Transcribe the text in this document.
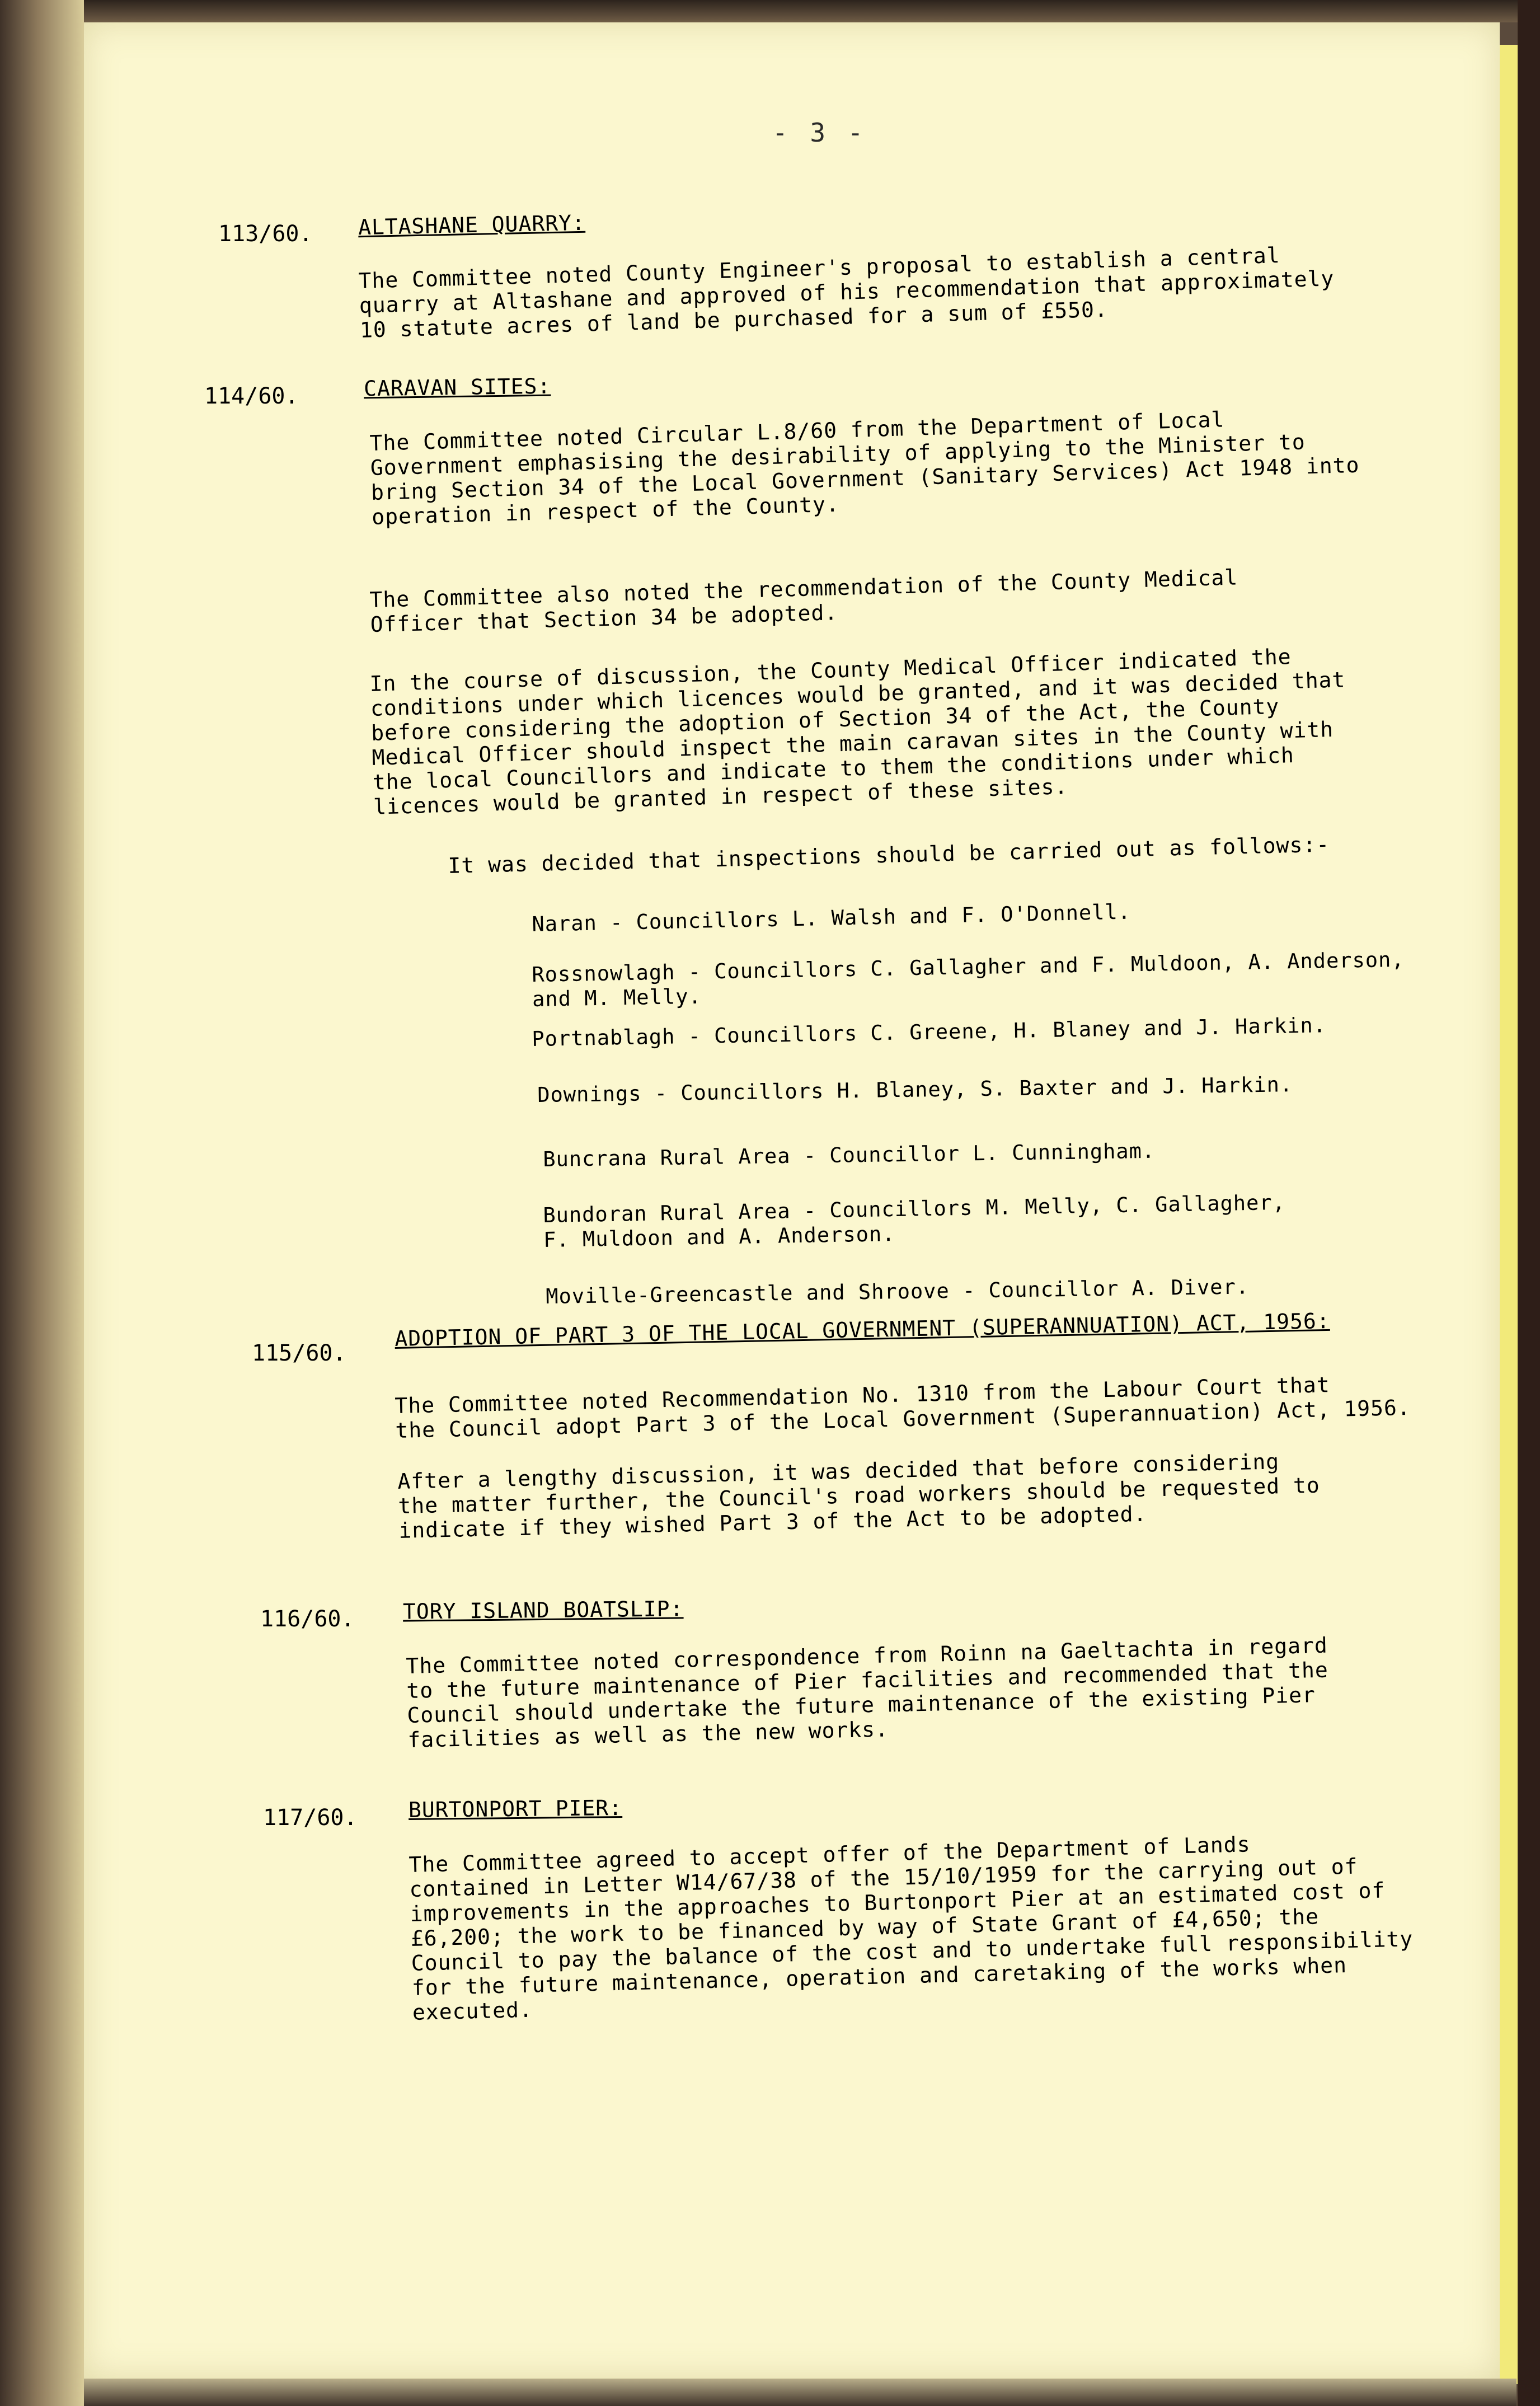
- 3 -
113/60. ALTASHANE QUARRY:
The Committee noted County Engineer's proposal to establish a central
quarry at Altashane and approved of his recommendation that approximately
10 statute acres of land be purchased for a sum of £550.
114/60.	CARAVAN SITES:
The Committee noted Circular L.8/60 from the Department of Local
Government emphasising the desirability of applying to the Minister to
bring Section 34 of the Local Government (Sanitary Services) Act 1948 into
operation in respect of the County.
The Committee also noted the recommendation of the County Medical
Officer that Section 34 be adopted.
In the course of discussion, the County Medical Officer indicated the
conditions under which licences would be granted, and it was decided that
before considering the adoption of Section 34 of the Act, the County
Medical Officer should inspect the main caravan sites in the County with
the local Councillors and indicate to them the conditions under which
licences would be granted in respect of these sites.
It was decided that inspections should be carried out as follows:-
Naran - Councillors L. Walsh and F. O'Donnell.
Rossnowlagh - Councillors C. Gallagher and F. Muldoon, A. Anderson,
and M. Melly.
Portnablagh - Councillors C. Greene, H. Blaney and J. Harkin.
Downings - Councillors H. Blaney, S. Baxter and J. Harkin.
Buncrana Rural Area - Councillor L. Cunningham.
Bundoran Rural Area - Councillors M. Melly, C. Gallagher,
F. Muldoon and A. Anderson.
Moville-Greencastle and Shroove - Councillor A. Diver.
115/60.
ADOPTION OF PART 3 OF THE LOCAL GOVERNMENT (SUPERANNUATION) ACT, 1956:
The Committee noted Recommendation No. 1310 from the Labour Court that
the Council adopt Part 3 of the Local Government (Superannuation) Act, 1956.
After a lengthy discussion, it was decided that before considering
the matter further, the Council's road workers should be requested to
indicate if they wished Part 3 of the Act to be adopted.
116/60. TORY ISLAND BOATSLIP:
The Committee noted correspondence from Roinn na Gaeltachta in regard
to the future maintenance of Pier facilities and recommended that the
Council should undertake the future maintenance of the existing Pier
facilities as well as the new works.
117/60. BURTONPORT PIER:
The Committee agreed to accept offer of the Department of Lands
contained in Letter W14/67/38 of the 15/10/1959 for the carrying out of
improvements in the approaches to Burtonport Pier at an estimated cost of
£6,200; the work to be financed by way of State Grant of £4,650; the
Council to pay the balance of the cost and to undertake full responsibility
for the future maintenance, operation and caretaking of the works when
executed.
